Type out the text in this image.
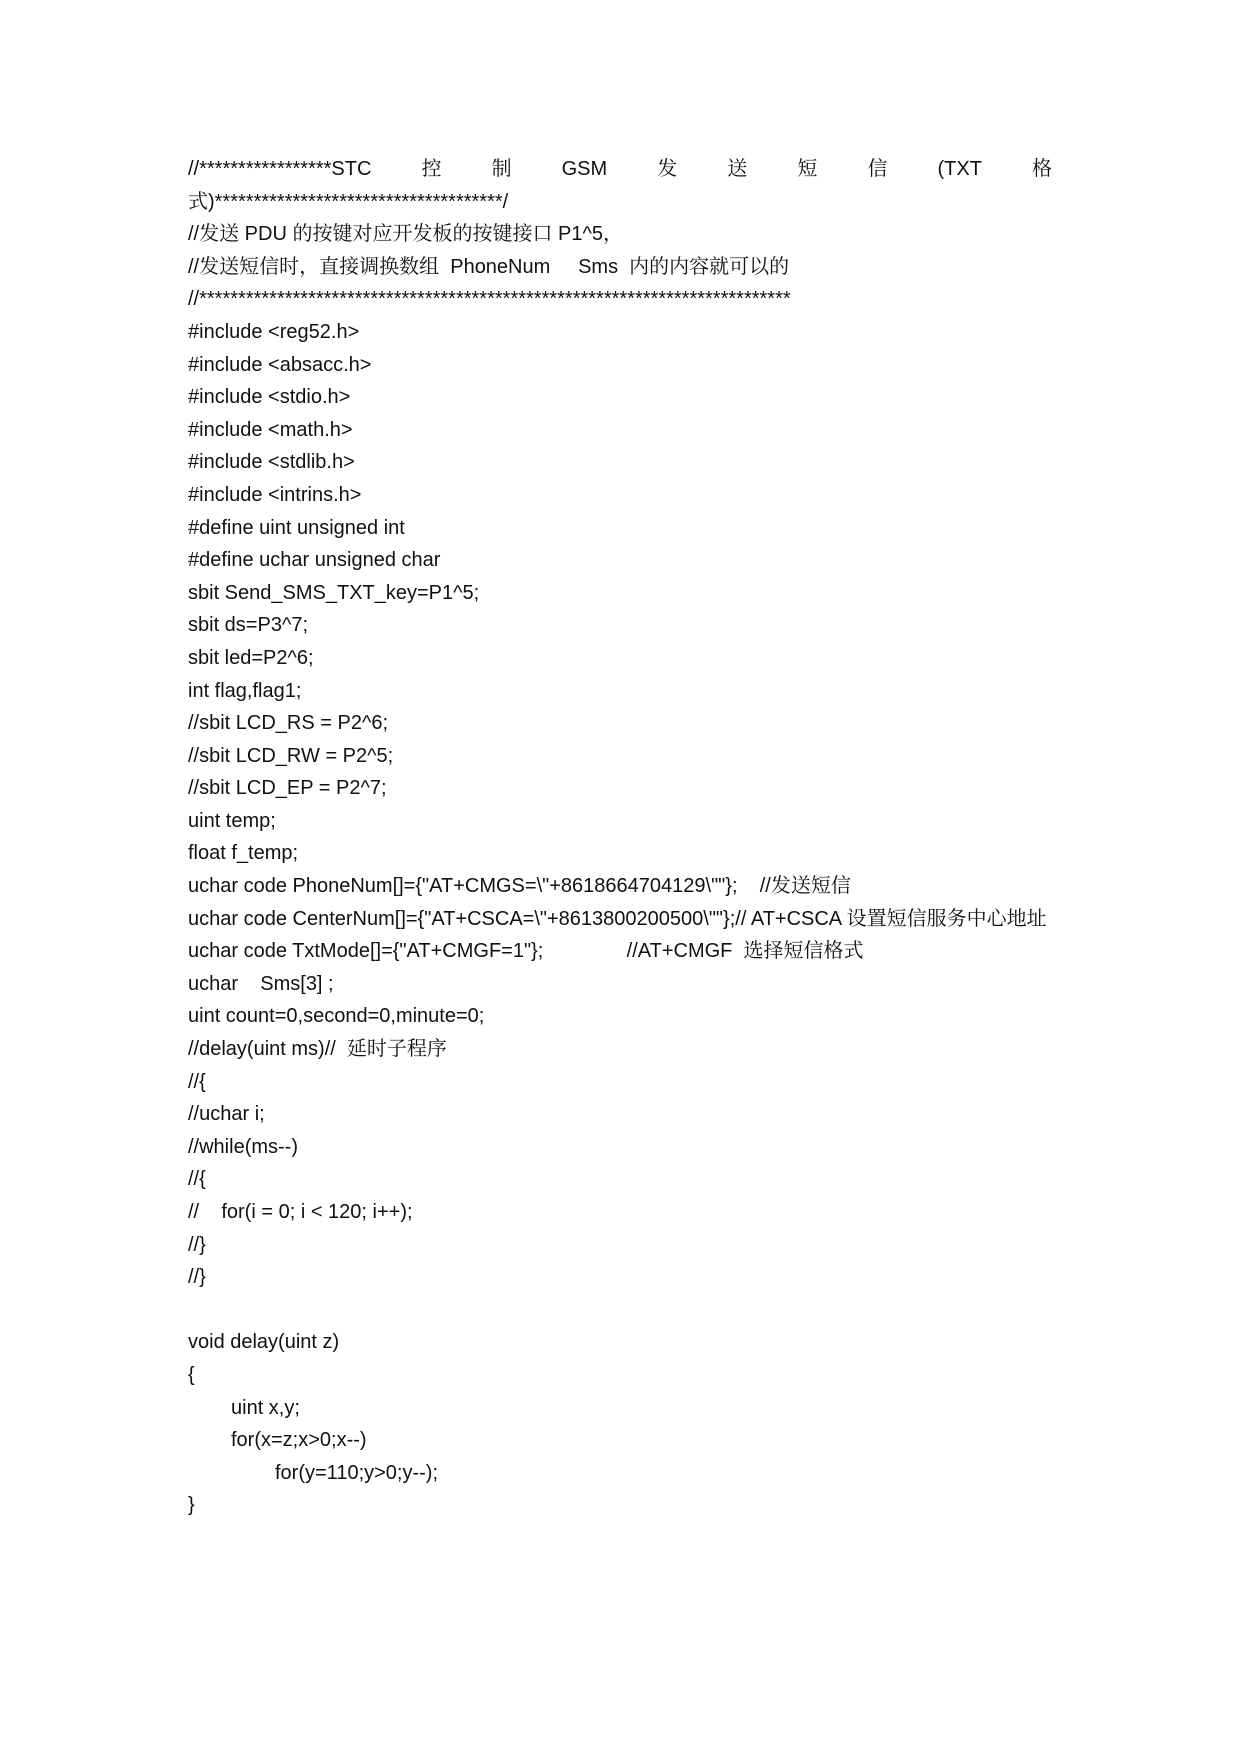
//*****************STC	控	制	GSM	发	送	短	信	(TXT	格
式)*************************************/
//发送 PDU 的按键对应开发板的按键接口 P1^5，
//发送短信时，直接调换数组  PhoneNum     Sms  内的内容就可以的
//****************************************************************************
#include <reg52.h>
#include <absacc.h>
#include <stdio.h>
#include <math.h>
#include <stdlib.h>
#include <intrins.h>
#define uint unsigned int
#define uchar unsigned char
sbit Send_SMS_TXT_key=P1^5;
sbit ds=P3^7;
sbit led=P2^6;
int flag,flag1;
//sbit LCD_RS = P2^6;
//sbit LCD_RW = P2^5;
//sbit LCD_EP = P2^7;
uint temp;
float f_temp;
uchar code PhoneNum[]={"AT+CMGS=\"+8618664704129\""};    //发送短信
uchar code CenterNum[]={"AT+CSCA=\"+8613800200500\""};// AT+CSCA 设置短信服务中心地址
uchar code TxtMode[]={"AT+CMGF=1"};               //AT+CMGF  选择短信格式
uchar    Sms[3] ;
uint count=0,second=0,minute=0;
//delay(uint ms)//  延时子程序
//{
//uchar i;
//while(ms--)
//{
//    for(i = 0; i < 120; i++);
//}
//}
void delay(uint z)
{
uint x,y;
for(x=z;x>0;x--)
for(y=110;y>0;y--);
}
